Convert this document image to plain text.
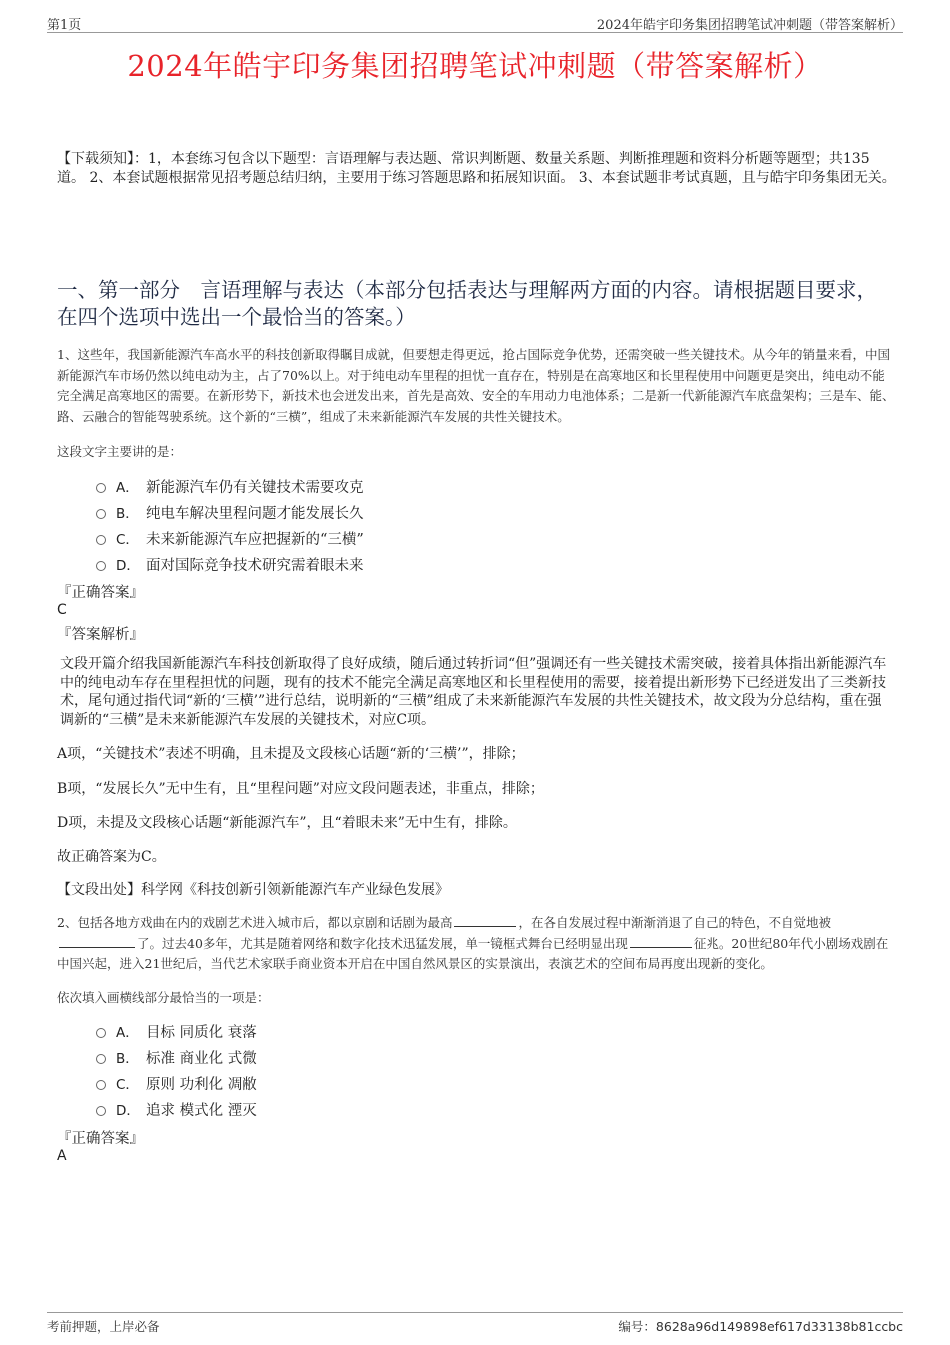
第1页	2024年皓宇印务集团招聘笔试冲刺题（带答案解析）
2024年皓宇印务集团招聘笔试冲刺题（带答案解析）
【下载须知】：1，本套练习包含以下题型：言语理解与表达题、常识判断题、数量关系题、判断推理题和资料分析题等题型；共135道。 2、本套试题根据常见招考题总结归纳，主要用于练习答题思路和拓展知识面。 3、本套试题非考试真题，且与皓宇印务集团无关。
一、第一部分　言语理解与表达（本部分包括表达与理解两方面的内容。请根据题目要求，在四个选项中选出一个最恰当的答案。）
1、这些年，我国新能源汽车高水平的科技创新取得瞩目成就，但要想走得更远，抢占国际竞争优势，还需突破一些关键技术。从今年的销量来看，中国新能源汽车市场仍然以纯电动为主，占了70%以上。对于纯电动车里程的担忧一直存在，特别是在高寒地区和长里程使用中问题更是突出，纯电动不能完全满足高寒地区的需要。在新形势下，新技术也会迸发出来，首先是高效、安全的车用动力电池体系；二是新一代新能源汽车底盘架构；三是车、能、路、云融合的智能驾驶系统。这个新的“三横”，组成了未来新能源汽车发展的共性关键技术。
这段文字主要讲的是：
A． 新能源汽车仍有关键技术需要攻克
B． 纯电车解决里程问题才能发展长久
C． 未来新能源汽车应把握新的“三横”
D． 面对国际竞争技术研究需着眼未来
『正确答案』
C
『答案解析』
文段开篇介绍我国新能源汽车科技创新取得了良好成绩，随后通过转折词“但”强调还有一些关键技术需突破，接着具体指出新能源汽车中的纯电动车存在里程担忧的问题，现有的技术不能完全满足高寒地区和长里程使用的需要，接着提出新形势下已经迸发出了三类新技术，尾句通过指代词“新的‘三横’”进行总结，说明新的“三横”组成了未来新能源汽车发展的共性关键技术，故文段为分总结构，重在强调新的“三横”是未来新能源汽车发展的关键技术，对应C项。
A项，“关键技术”表述不明确，且未提及文段核心话题“新的‘三横’”，排除；
B项，“发展长久”无中生有，且“里程问题”对应文段问题表述，非重点，排除；
D项，未提及文段核心话题“新能源汽车”，且“着眼未来”无中生有，排除。
故正确答案为C。
【文段出处】科学网《科技创新引领新能源汽车产业绿色发展》
2、包括各地方戏曲在内的戏剧艺术进入城市后，都以京剧和话剧为最高	，在各自发展过程中渐渐消退了自己的特色，不自觉地被了。过去40多年，尤其是随着网络和数字化技术迅猛发展，单一镜框式舞台已经明显出现	征兆。20世纪80年代小剧场戏剧在中国兴起，进入21世纪后，当代艺术家联手商业资本开启在中国自然风景区的实景演出，表演艺术的空间布局再度出现新的变化。
依次填入画横线部分最恰当的一项是：
A． 目标 同质化 衰落
B． 标准 商业化 式微
C． 原则 功利化 凋敝
D． 追求 模式化 湮灭
『正确答案』
A
考前押题，上岸必备	编号：8628a96d149898ef617d33138b81ccbc
